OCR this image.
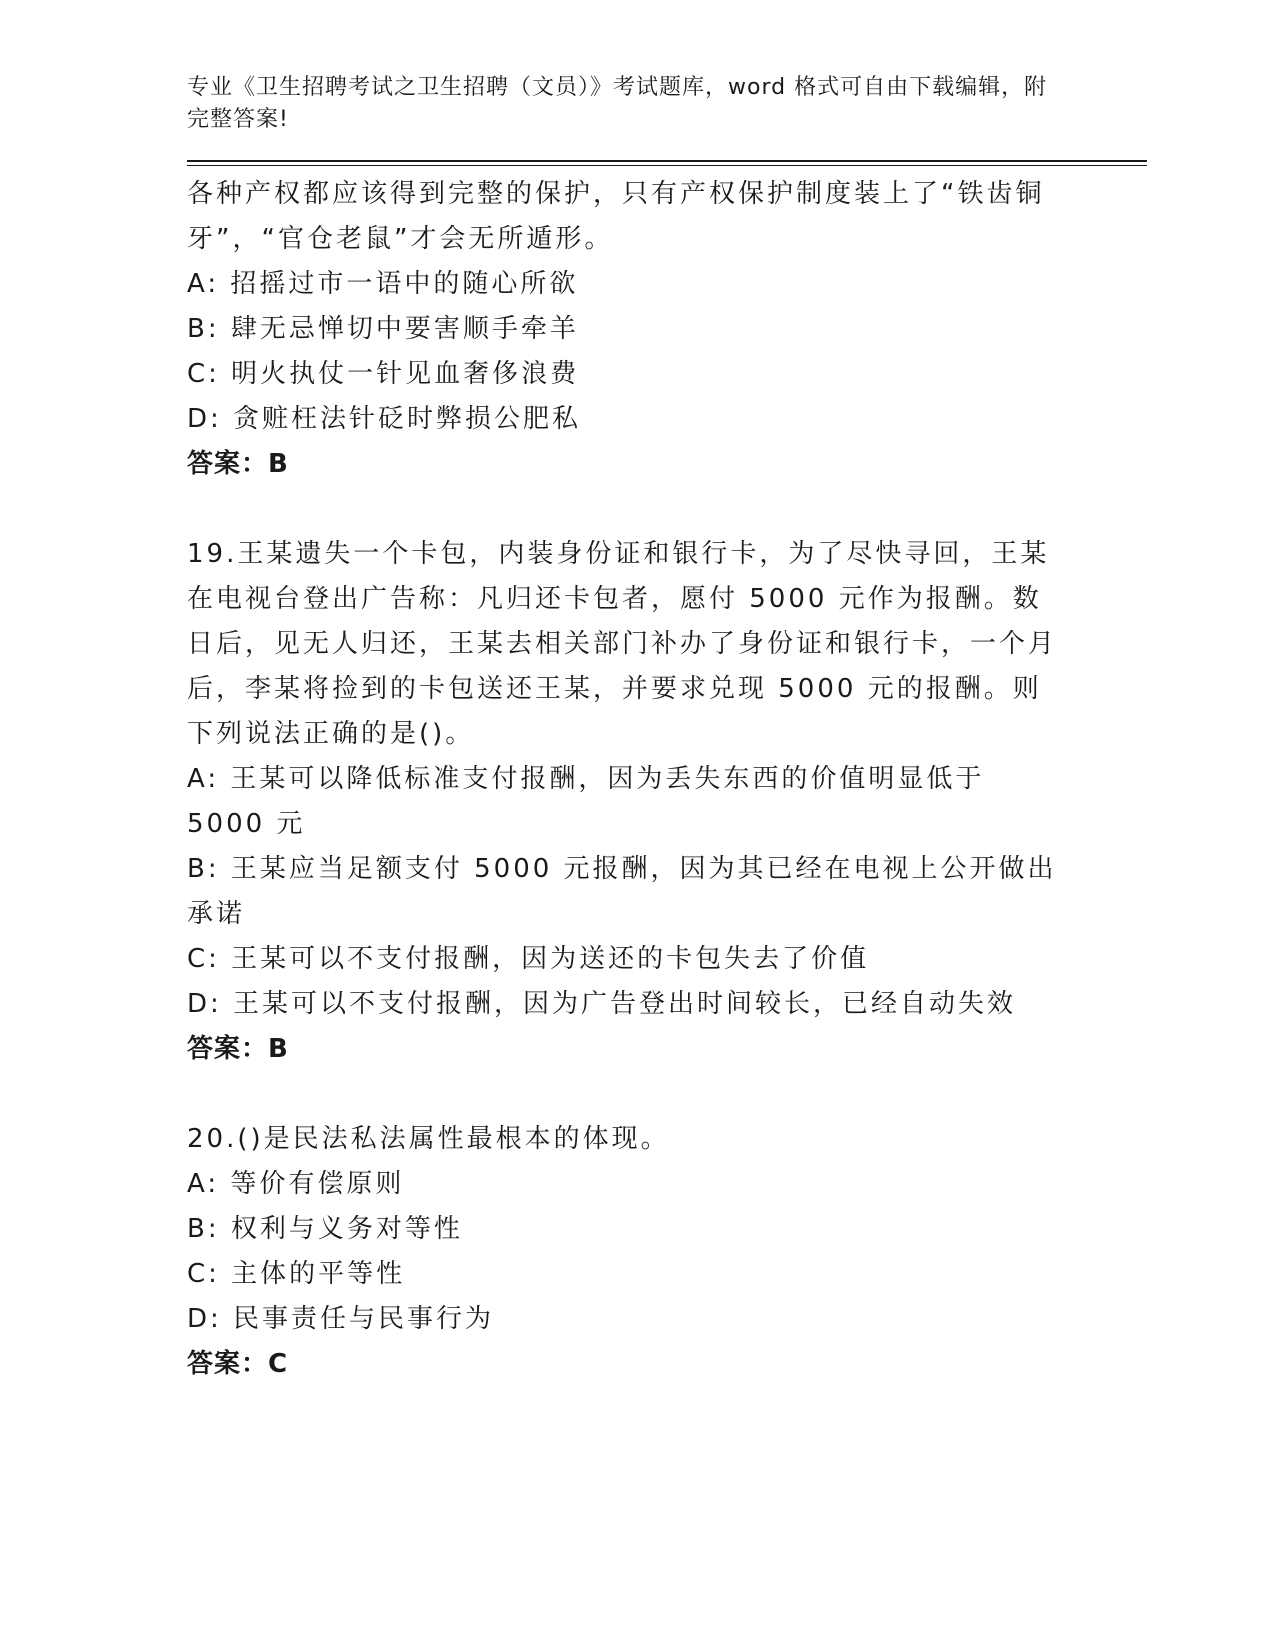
专业《卫生招聘考试之卫生招聘（文员）》考试题库，word 格式可自由下载编辑，附完整答案!

各种产权都应该得到完整的保护，只有产权保护制度装上了“铁齿铜牙”，“官仓老鼠”才会无所遁形。

A: 招摇过市一语中的随心所欲

B: 肆无忌惮切中要害顺手牵羊

C: 明火执仗一针见血奢侈浪费

D: 贪赃枉法针砭时弊损公肥私

答案：B

19.王某遗失一个卡包，内装身份证和银行卡，为了尽快寻回，王某在电视台登出广告称：凡归还卡包者，愿付 5000 元作为报酬。数日后，见无人归还，王某去相关部门补办了身份证和银行卡，一个月后，李某将捡到的卡包送还王某，并要求兑现 5000 元的报酬。则下列说法正确的是()。

A: 王某可以降低标准支付报酬，因为丢失东西的价值明显低于 5000 元

B: 王某应当足额支付 5000 元报酬，因为其已经在电视上公开做出承诺

C: 王某可以不支付报酬，因为送还的卡包失去了价值

D: 王某可以不支付报酬，因为广告登出时间较长，已经自动失效

答案：B

20.()是民法私法属性最根本的体现。

A: 等价有偿原则

B: 权利与义务对等性

C: 主体的平等性

D: 民事责任与民事行为

答案：C
